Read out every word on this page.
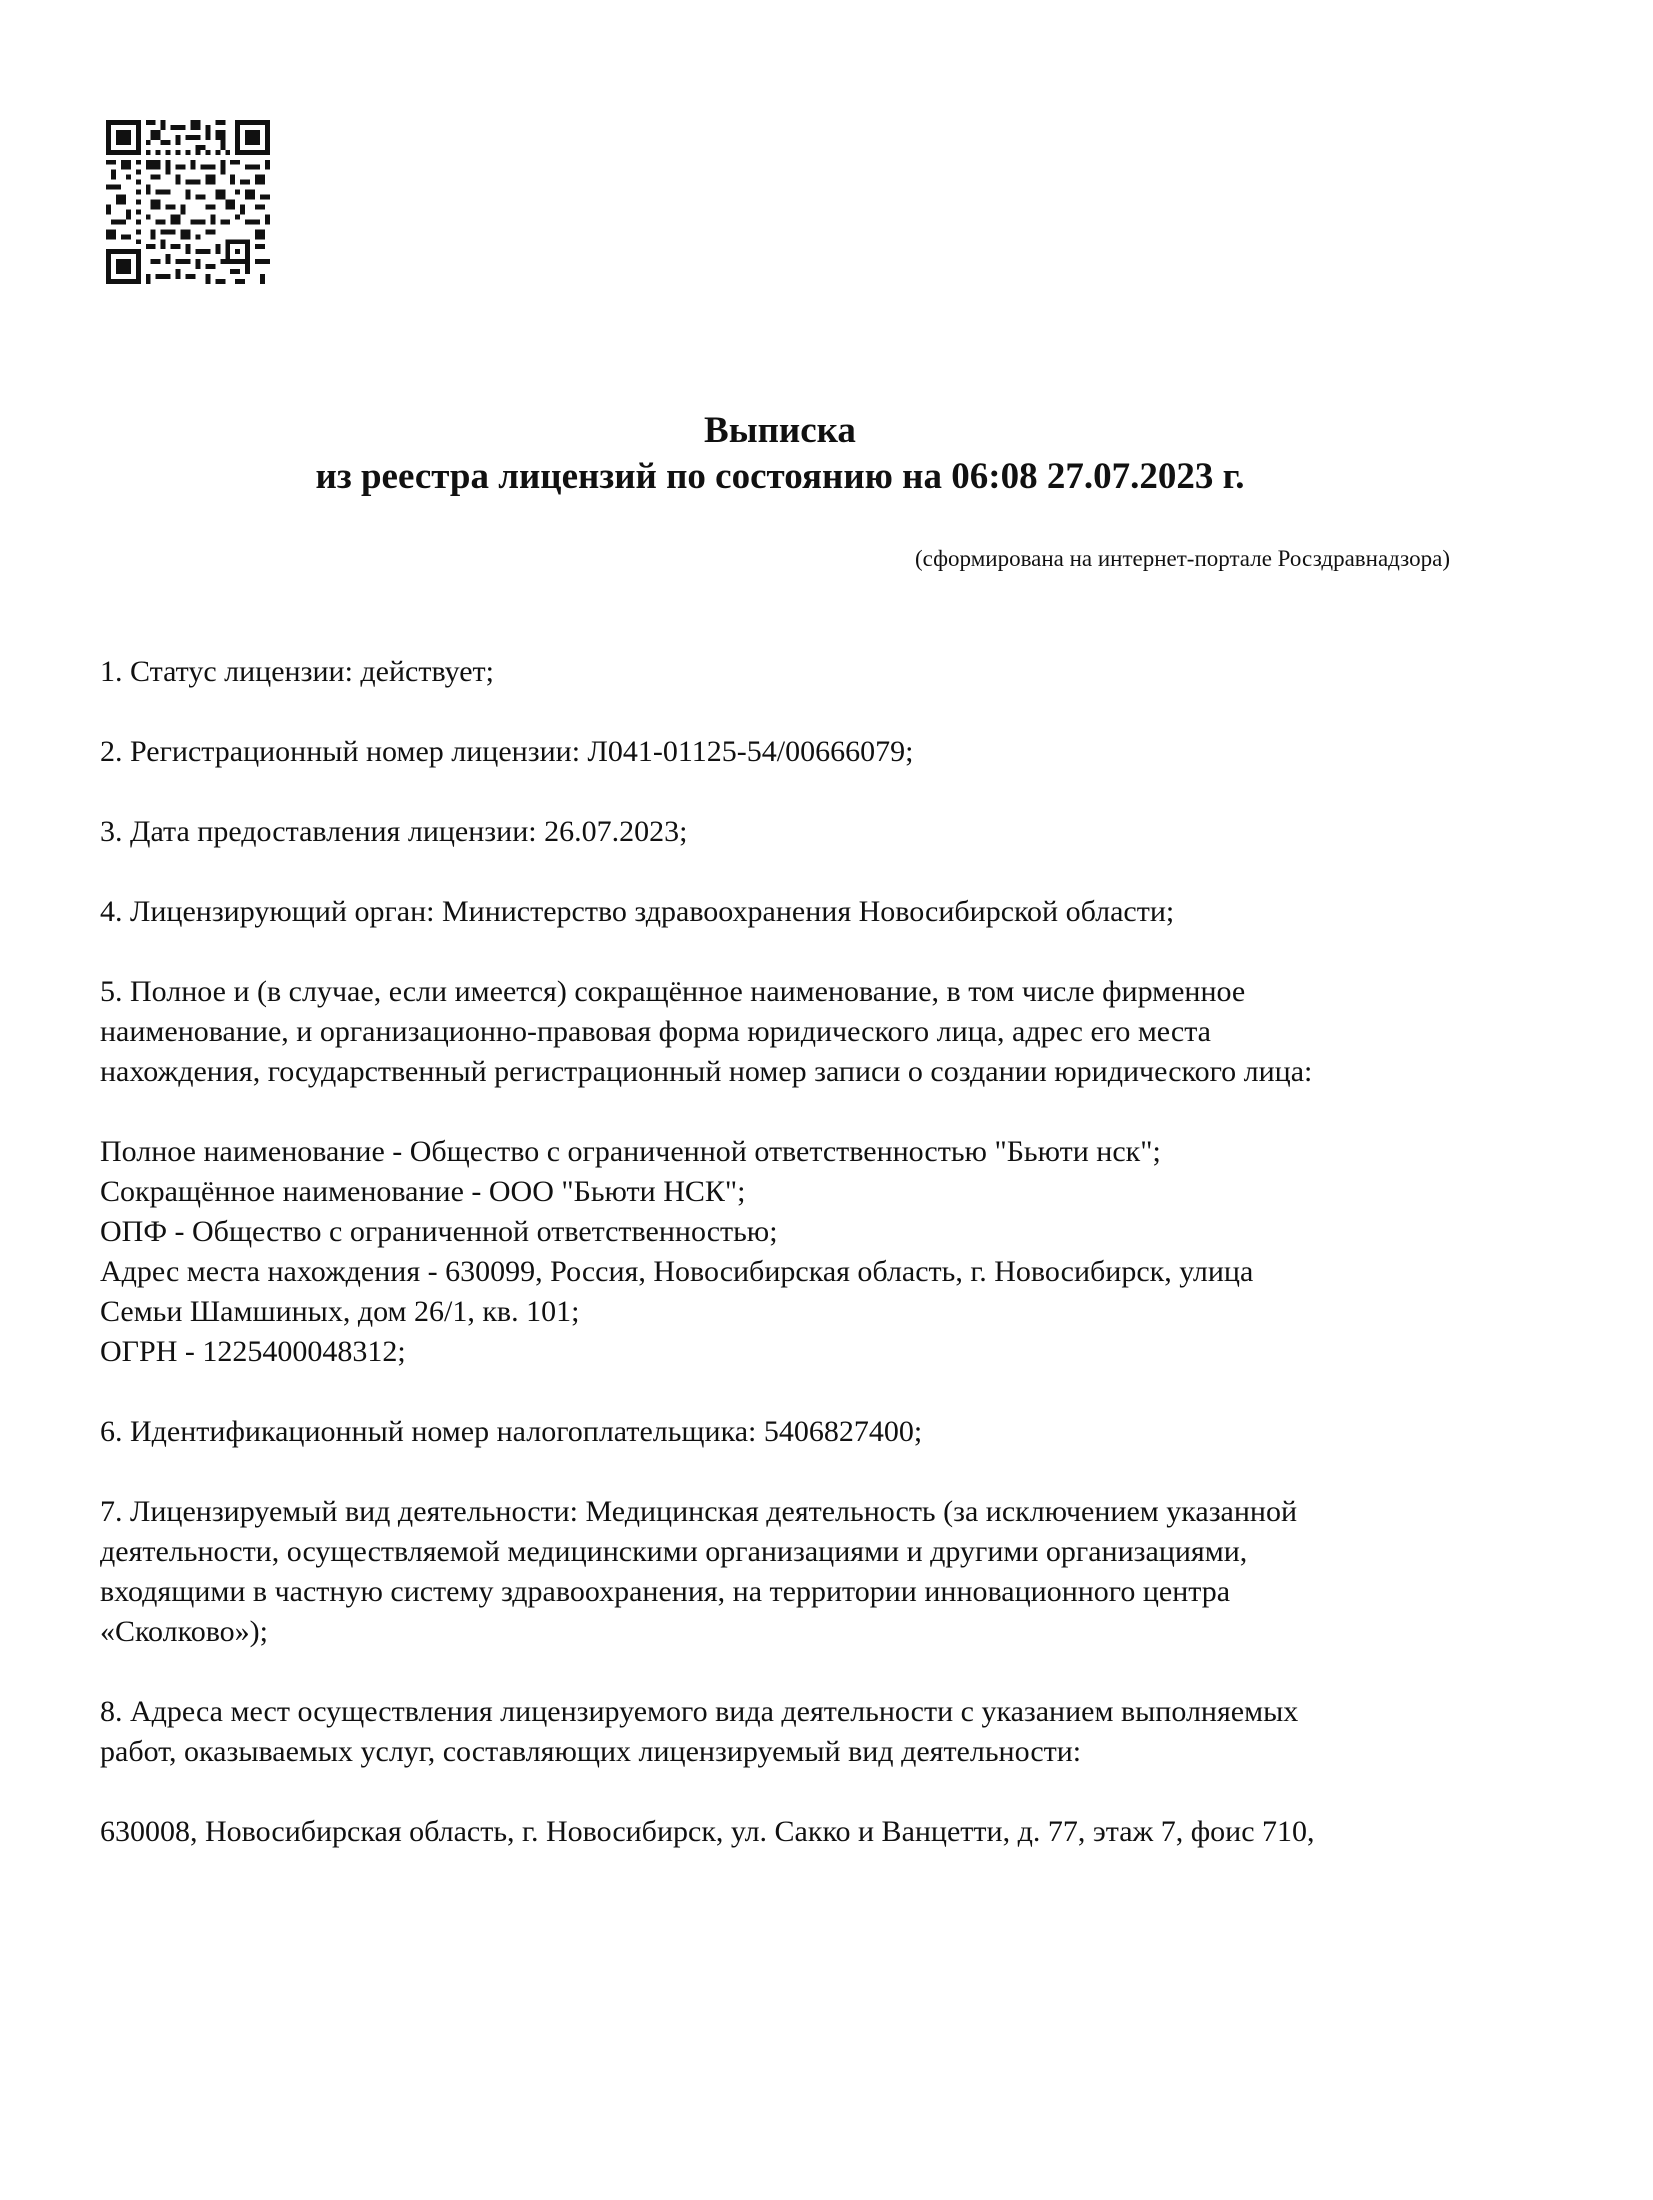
Выписка
из реестра лицензий по состоянию на 06:08 27.07.2023 г.
(сформирована на интернет-портале Росздравнадзора)

1. Статус лицензии: действует;

2. Регистрационный номер лицензии: Л041-01125-54/00666079;

3. Дата предоставления лицензии: 26.07.2023;

4. Лицензирующий орган: Министерство здравоохранения Новосибирской области;

5. Полное и (в случае, если имеется) сокращённое наименование, в том числе фирменное
наименование, и организационно-правовая форма юридического лица, адрес его места
нахождения, государственный регистрационный номер записи о создании юридического лица:
Полное наименование - Общество с ограниченной ответственностью "Бьюти нск";
Сокращённое наименование - ООО "Бьюти НСК";
ОПФ - Общество с ограниченной ответственностью;
Адрес места нахождения - 630099, Россия, Новосибирская область, г. Новосибирск, улица
Семьи Шамшиных, дом 26/1, кв. 101;
ОГРН - 1225400048312;

6. Идентификационный номер налогоплательщика: 5406827400;

7. Лицензируемый вид деятельности: Медицинская деятельность (за исключением указанной
деятельности, осуществляемой медицинскими организациями и другими организациями,
входящими в частную систему здравоохранения, на территории инновационного центра
«Сколково»);
8. Адреса мест осуществления лицензируемого вида деятельности с указанием выполняемых
работ, оказываемых услуг, составляющих лицензируемый вид деятельности:

630008, Новосибирская область, г. Новосибирск, ул. Сакко и Ванцетти, д. 77, этаж 7, фоис 710,
